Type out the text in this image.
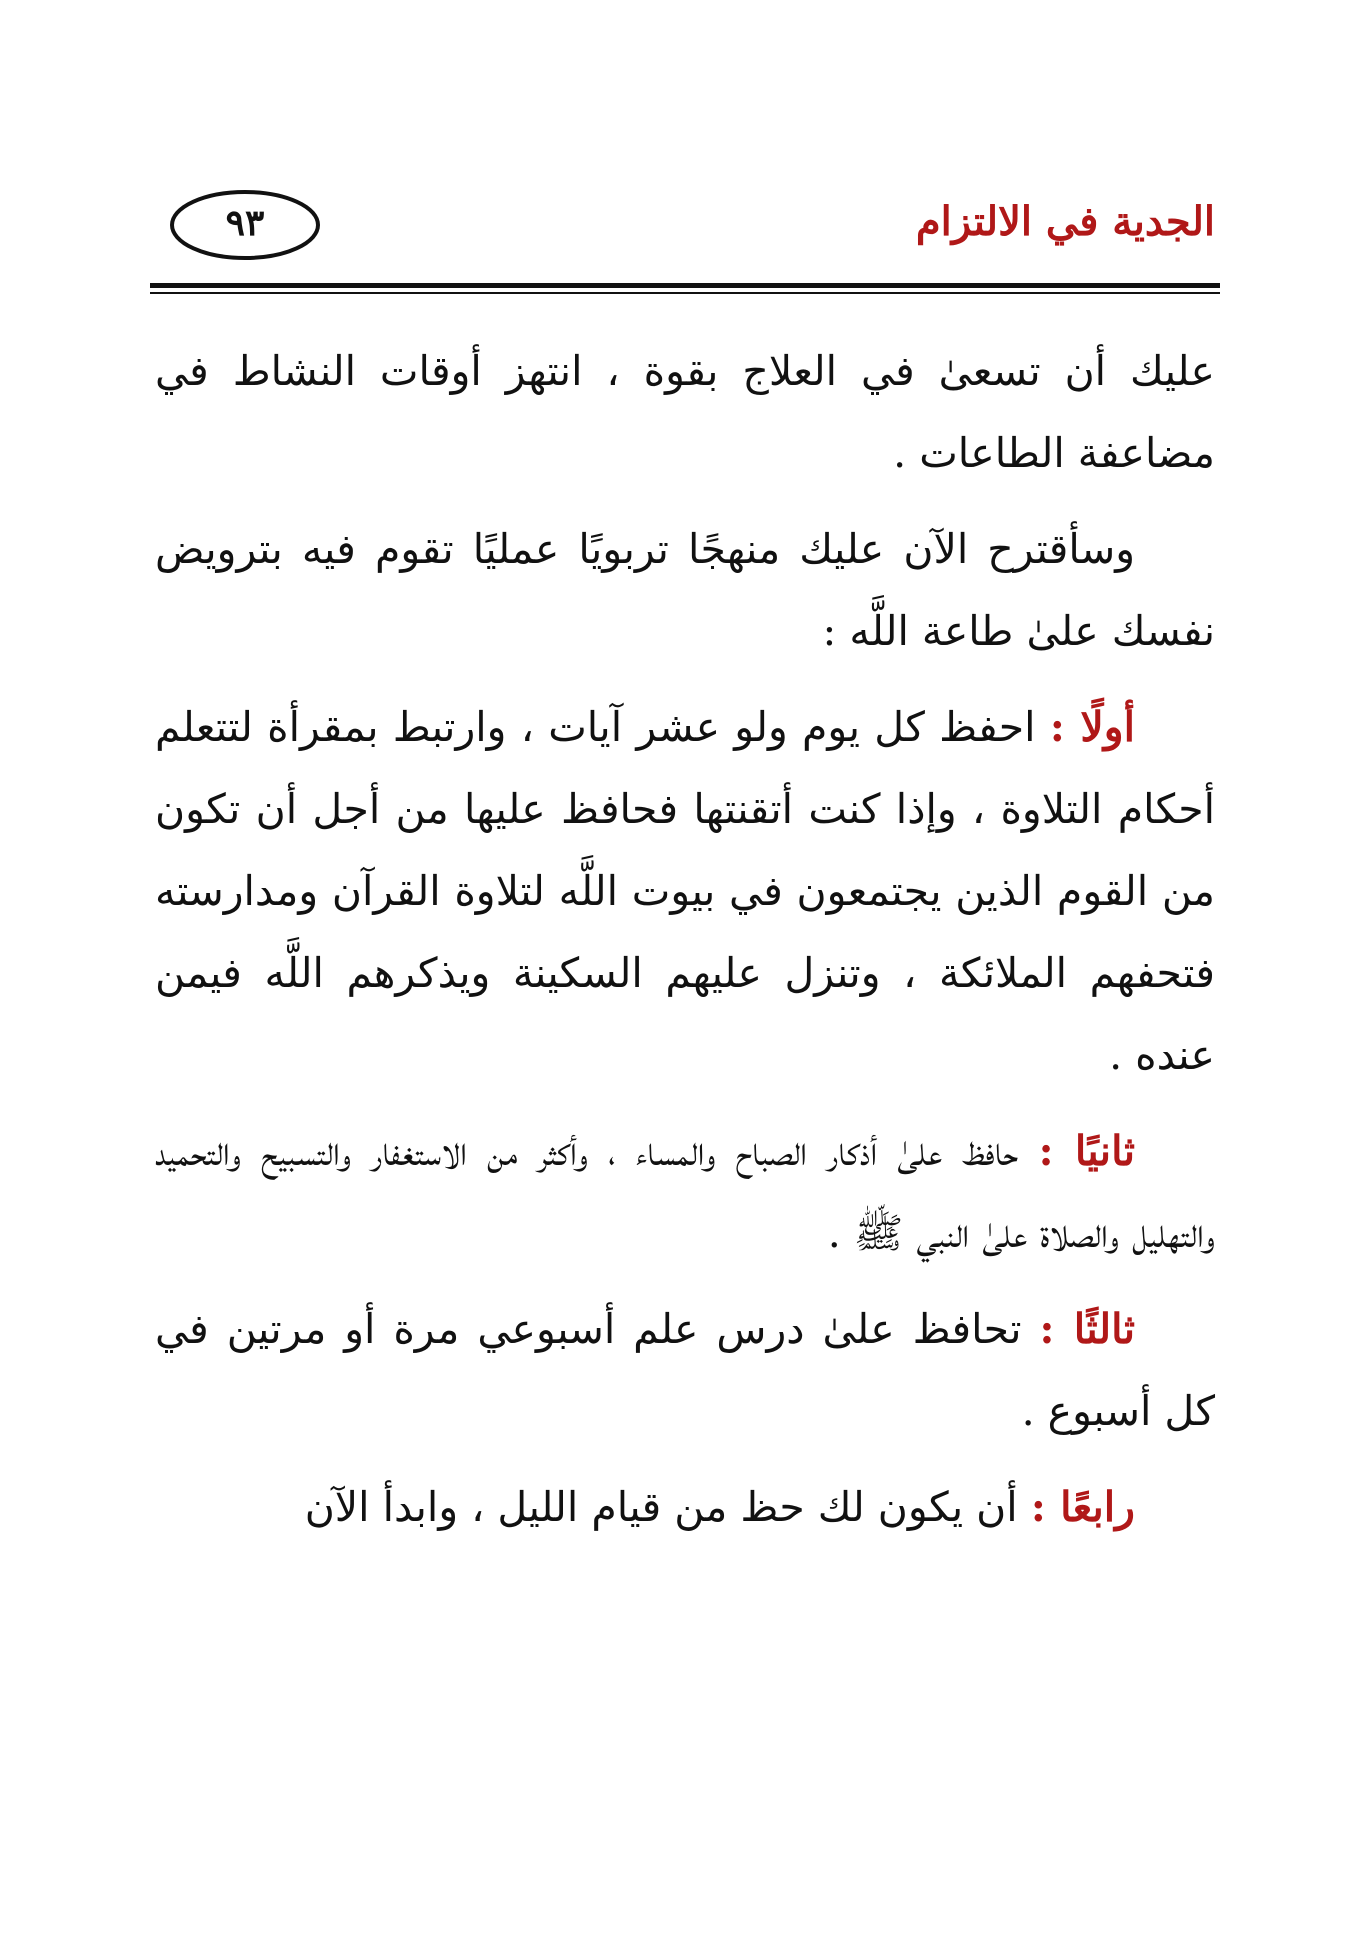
٩٣	الجدية في الالتزام

عليك أن تسعىٰ في العلاج بقوة ، انتهز أوقات النشاط في مضاعفة الطاعات .

وسأقترح الآن عليك منهجًا تربويًا عمليًا تقوم فيه بترويض نفسك علىٰ طاعة اللَّه :

أولًا : احفظ كل يوم ولو عشر آيات ، وارتبط بمقرأة لتتعلم أحكام التلاوة ، وإذا كنت أتقنتها فحافظ عليها من أجل أن تكون من القوم الذين يجتمعون في بيوت اللَّه لتلاوة القرآن ومدارسته فتحفهم الملائكة ، وتنزل عليهم السكينة ويذكرهم اللَّه فيمن عنده .

ثانيًا : حافظ علىٰ أذكار الصباح والمساء ، وأكثر من الاستغفار والتسبيح والتحميد والتهليل والصلاة علىٰ النبي ﷺ .

ثالثًا : تحافظ علىٰ درس علم أسبوعي مرة أو مرتين في كل أسبوع .

رابعًا : أن يكون لك حظ من قيام الليل ، وابدأ الآن
